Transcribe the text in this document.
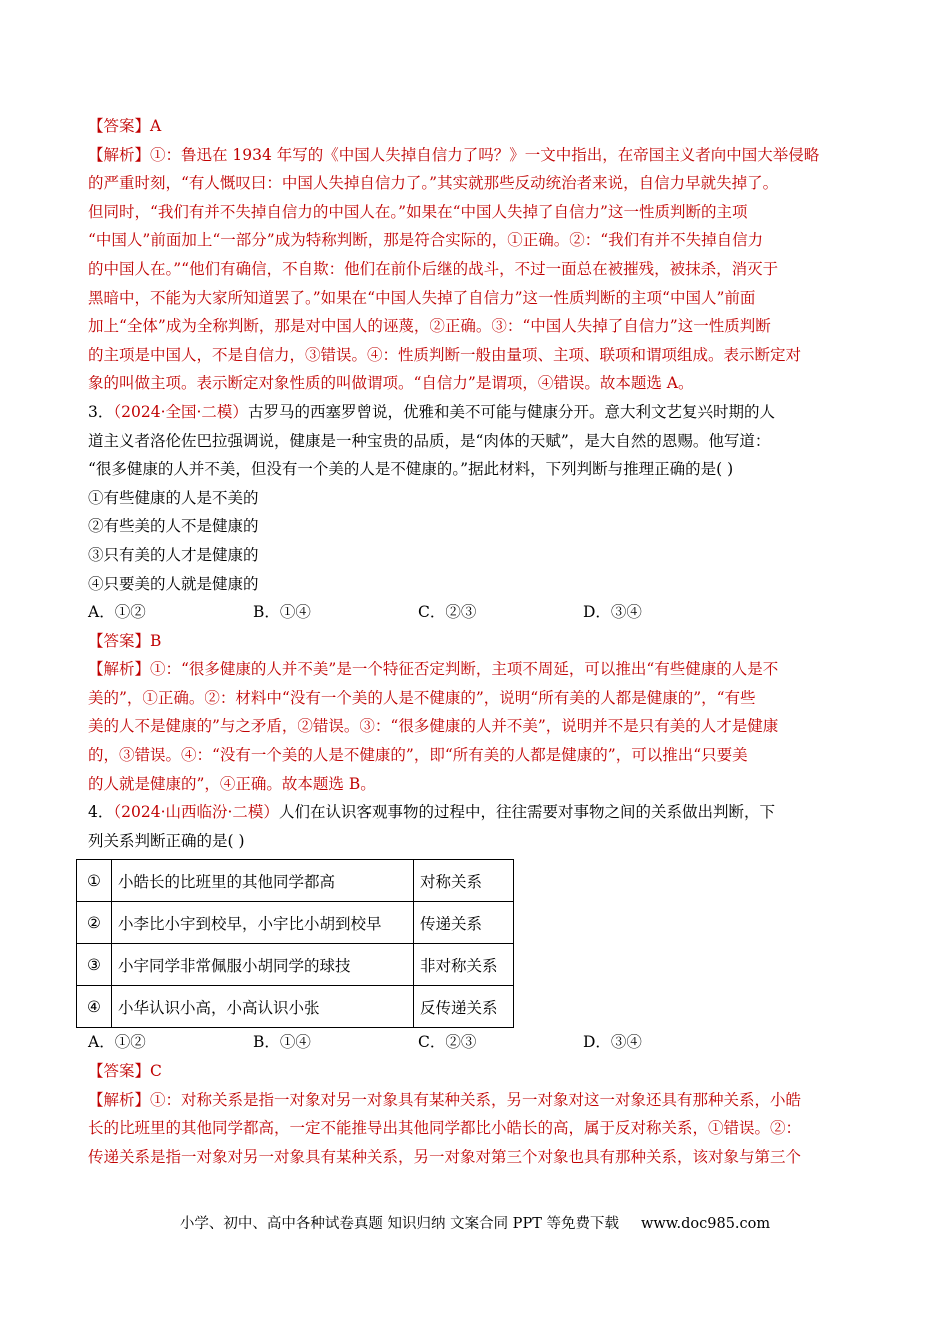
【答案】A
【解析】①：鲁迅在 1934 年写的《中国人失掉自信力了吗？》一文中指出，在帝国主义者向中国大举侵略
的严重时刻，“有人慨叹曰：中国人失掉自信力了。”其实就那些反动统治者来说，自信力早就失掉了。
但同时，“我们有并不失掉自信力的中国人在。”如果在“中国人失掉了自信力”这一性质判断的主项
“中国人”前面加上“一部分”成为特称判断，那是符合实际的，①正确。②：“我们有并不失掉自信力
的中国人在。”“他们有确信，不自欺：他们在前仆后继的战斗，不过一面总在被摧残，被抹杀，消灭于
黑暗中，不能为大家所知道罢了。”如果在“中国人失掉了自信力”这一性质判断的主项“中国人”前面
加上“全体”成为全称判断，那是对中国人的诬蔑，②正确。③：“中国人失掉了自信力”这一性质判断
的主项是中国人，不是自信力，③错误。④：性质判断一般由量项、主项、联项和谓项组成。表示断定对
象的叫做主项。表示断定对象性质的叫做谓项。“自信力”是谓项，④错误。故本题选 A。
3．（2024·全国·二模）古罗马的西塞罗曾说，优雅和美不可能与健康分开。意大利文艺复兴时期的人
道主义者洛伦佐巴拉强调说，健康是一种宝贵的品质，是“肉体的天赋”，是大自然的恩赐。他写道：
“很多健康的人并不美，但没有一个美的人是不健康的。”据此材料，下列判断与推理正确的是( )
①有些健康的人是不美的
②有些美的人不是健康的
③只有美的人才是健康的
④只要美的人就是健康的
A．①②	B．①④	C．②③	D．③④
【答案】B
【解析】①：“很多健康的人并不美”是一个特征否定判断，主项不周延，可以推出“有些健康的人是不
美的”，①正确。②：材料中“没有一个美的人是不健康的”，说明“所有美的人都是健康的”，“有些
美的人不是健康的”与之矛盾，②错误。③：“很多健康的人并不美”，说明并不是只有美的人才是健康
的，③错误。④：“没有一个美的人是不健康的”，即“所有美的人都是健康的”，可以推出“只要美
的人就是健康的”，④正确。故本题选 B。
4．（2024·山西临汾·二模）人们在认识客观事物的过程中，往往需要对事物之间的关系做出判断，下
列关系判断正确的是( )
①	小皓长的比班里的其他同学都高	对称关系
②	小李比小宇到校早，小宇比小胡到校早	传递关系
③	小宇同学非常佩服小胡同学的球技	非对称关系
④	小华认识小高，小高认识小张	反传递关系
A．①②	B．①④	C．②③	D．③④
【答案】C
【解析】①：对称关系是指一对象对另一对象具有某种关系，另一对象对这一对象还具有那种关系，小皓
长的比班里的其他同学都高，一定不能推导出其他同学都比小皓长的高，属于反对称关系，①错误。②：
传递关系是指一对象对另一对象具有某种关系，另一对象对第三个对象也具有那种关系，该对象与第三个
小学、初中、高中各种试卷真题 知识归纳 文案合同 PPT 等免费下载 www.doc985.com
